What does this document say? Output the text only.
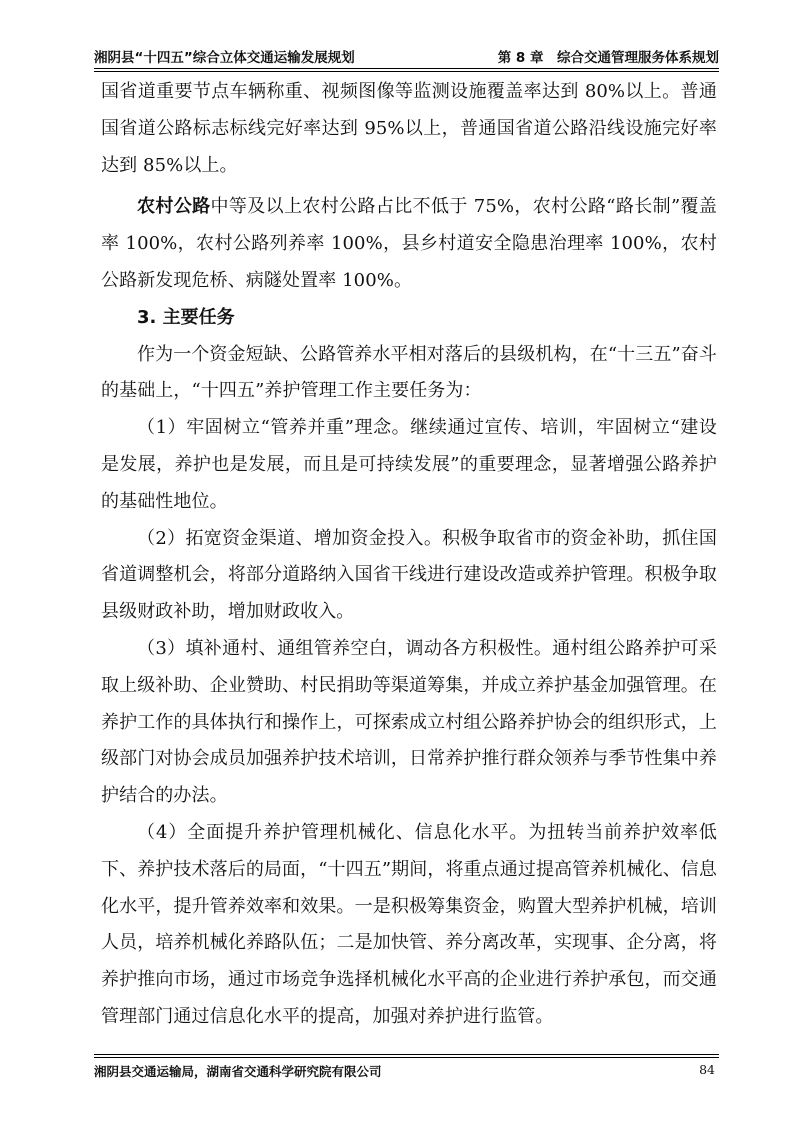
湘阴县“十四五”综合立体交通运输发展规划	第 8 章　综合交通管理服务体系规划

国省道重要节点车辆称重、视频图像等监测设施覆盖率达到 80%以上。普通国省道公路标志标线完好率达到 95%以上，普通国省道公路沿线设施完好率达到 85%以上。

农村公路中等及以上农村公路占比不低于 75%，农村公路“路长制”覆盖率 100%，农村公路列养率 100%，县乡村道安全隐患治理率 100%，农村公路新发现危桥、病隧处置率 100%。

3. 主要任务

作为一个资金短缺、公路管养水平相对落后的县级机构，在“十三五”奋斗的基础上，“十四五”养护管理工作主要任务为：

（1）牢固树立“管养并重”理念。继续通过宣传、培训，牢固树立“建设是发展，养护也是发展，而且是可持续发展”的重要理念，显著增强公路养护的基础性地位。

（2）拓宽资金渠道、增加资金投入。积极争取省市的资金补助，抓住国省道调整机会，将部分道路纳入国省干线进行建设改造或养护管理。积极争取县级财政补助，增加财政收入。

（3）填补通村、通组管养空白，调动各方积极性。通村组公路养护可采取上级补助、企业赞助、村民捐助等渠道筹集，并成立养护基金加强管理。在养护工作的具体执行和操作上，可探索成立村组公路养护协会的组织形式，上级部门对协会成员加强养护技术培训，日常养护推行群众领养与季节性集中养护结合的办法。

（4）全面提升养护管理机械化、信息化水平。为扭转当前养护效率低下、养护技术落后的局面，“十四五”期间，将重点通过提高管养机械化、信息化水平，提升管养效率和效果。一是积极筹集资金，购置大型养护机械，培训人员，培养机械化养路队伍；二是加快管、养分离改革，实现事、企分离，将养护推向市场，通过市场竞争选择机械化水平高的企业进行养护承包，而交通管理部门通过信息化水平的提高，加强对养护进行监管。

湘阴县交通运输局，湖南省交通科学研究院有限公司	84
